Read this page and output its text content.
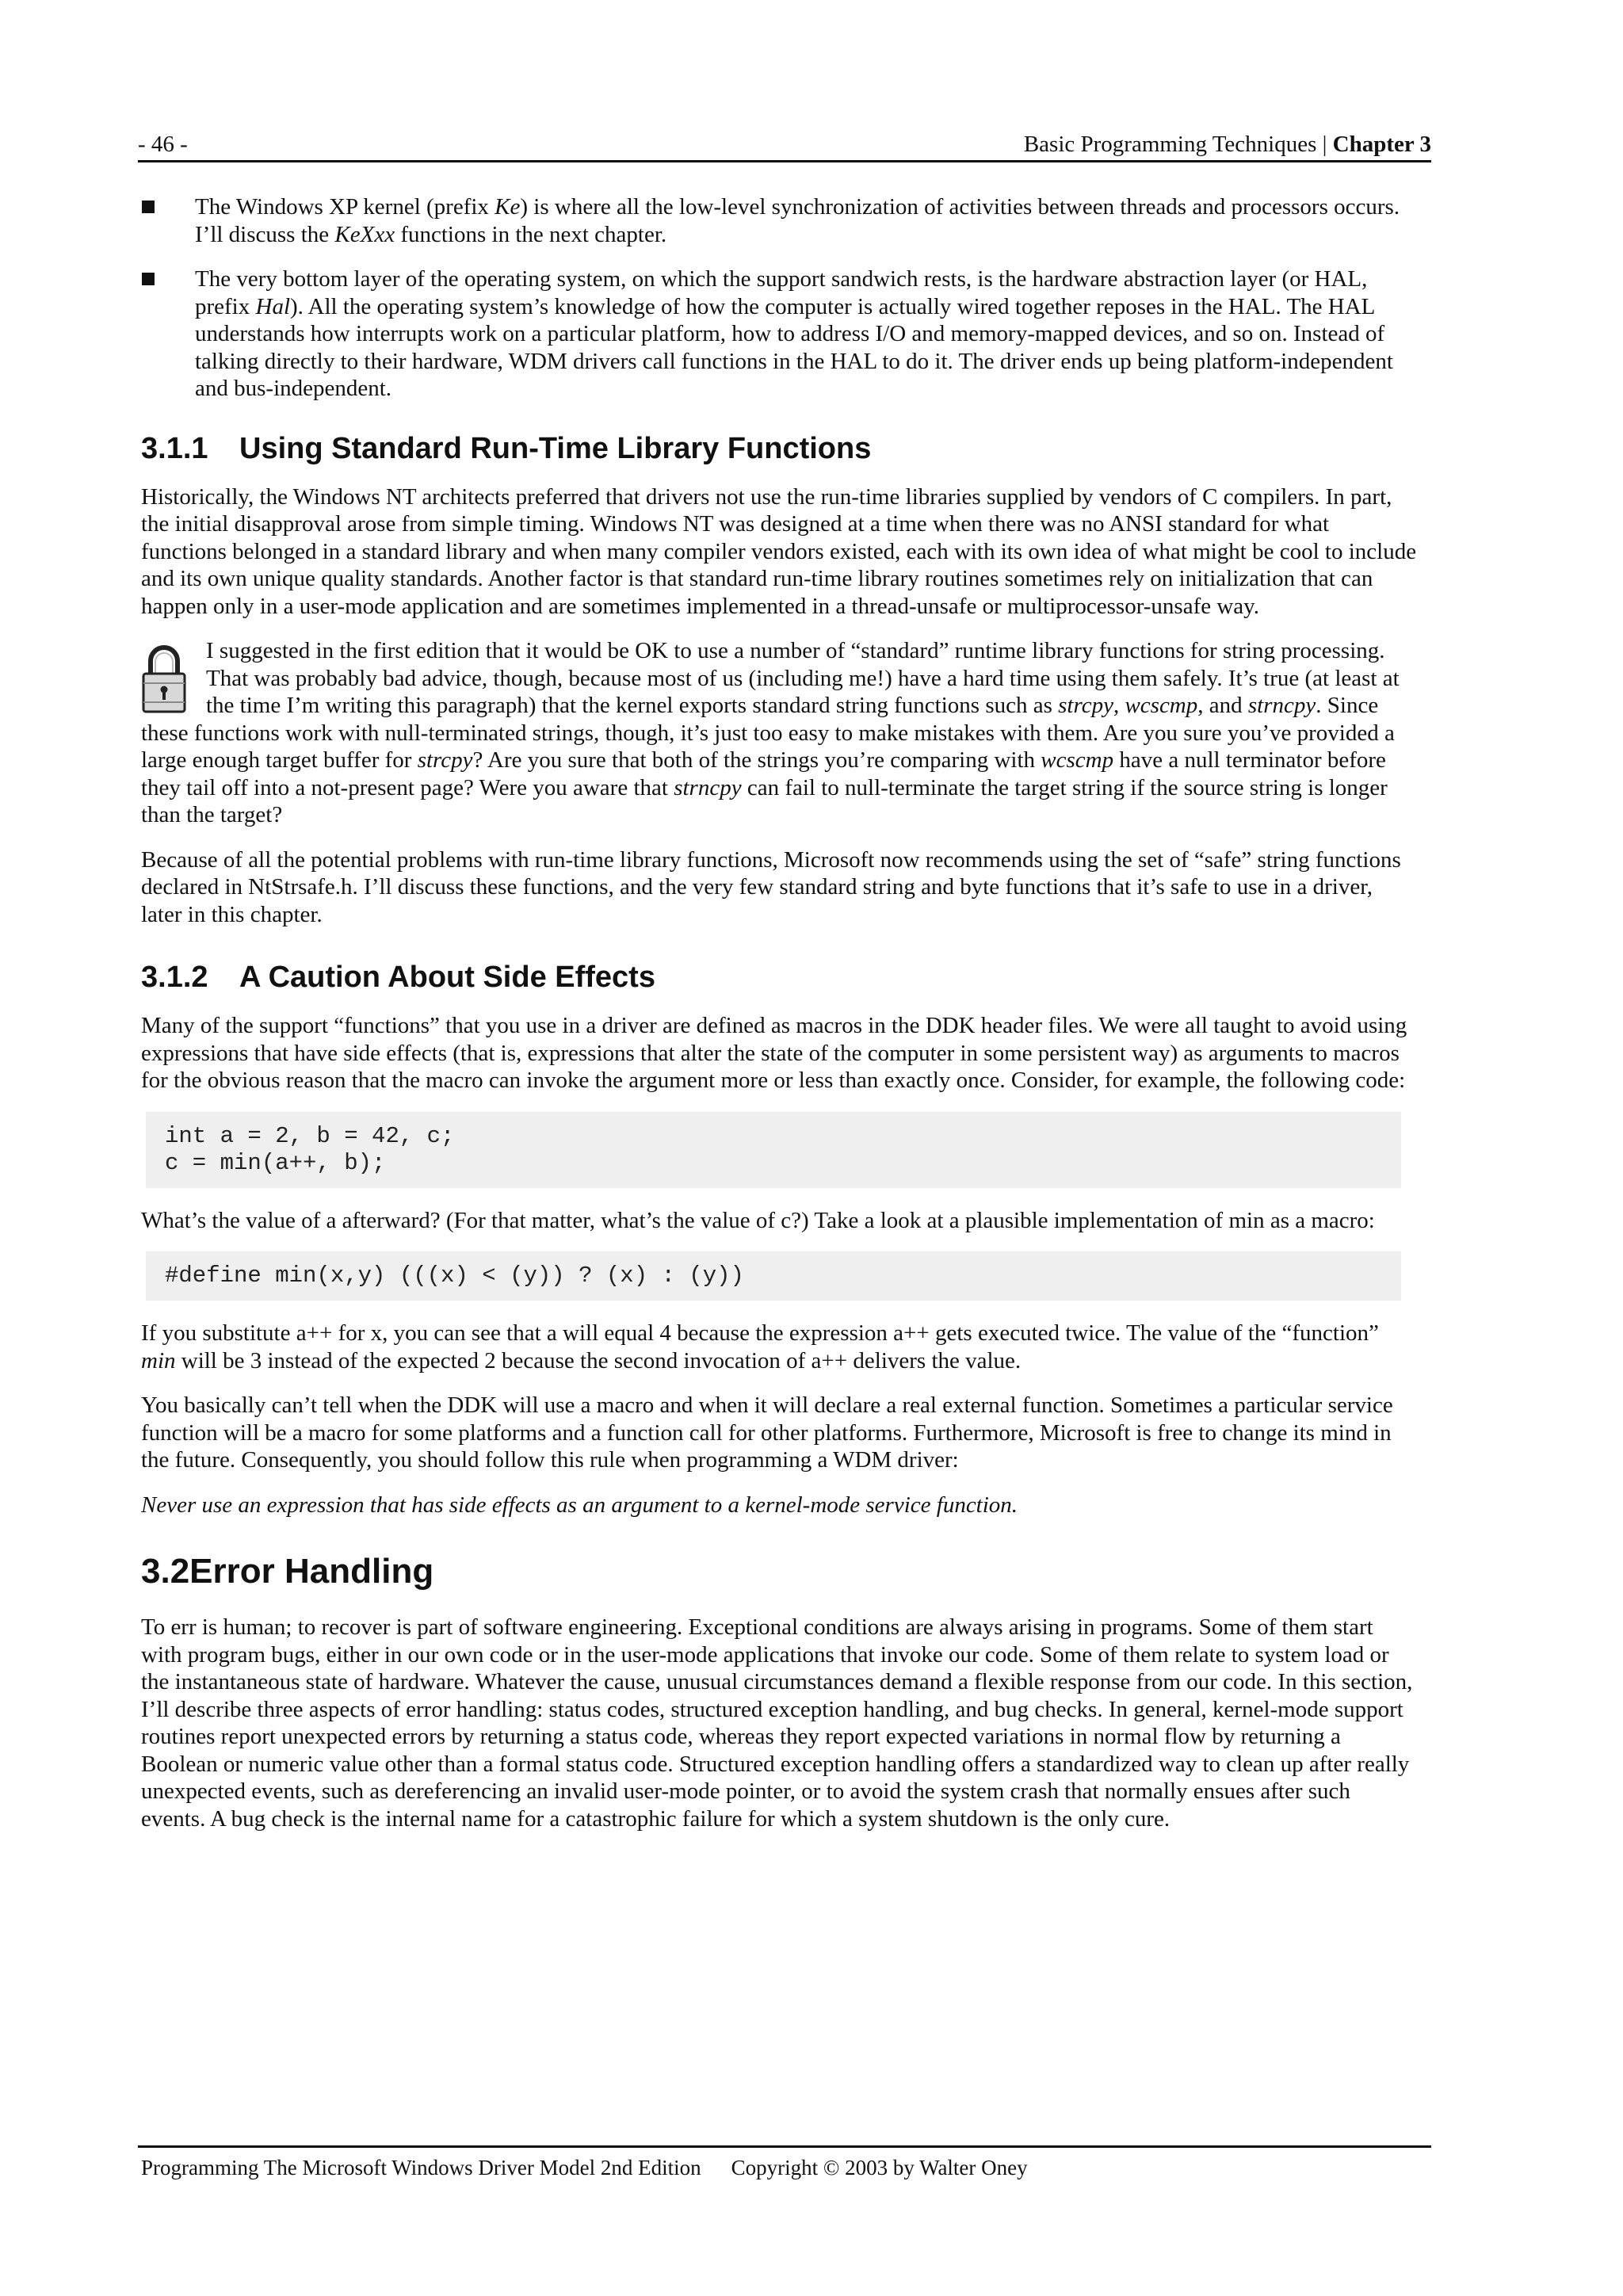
- 46 -	Basic Programming Techniques | Chapter 3
The Windows XP kernel (prefix Ke) is where all the low-level synchronization of activities between threads and processors occurs. I’ll discuss the KeXxx functions in the next chapter.
The very bottom layer of the operating system, on which the support sandwich rests, is the hardware abstraction layer (or HAL, prefix Hal). All the operating system’s knowledge of how the computer is actually wired together reposes in the HAL. The HAL understands how interrupts work on a particular platform, how to address I/O and memory-mapped devices, and so on. Instead of talking directly to their hardware, WDM drivers call functions in the HAL to do it. The driver ends up being platform-independent and bus-independent.
3.1.1 Using Standard Run-Time Library Functions

Historically, the Windows NT architects preferred that drivers not use the run-time libraries supplied by vendors of C compilers. In part, the initial disapproval arose from simple timing. Windows NT was designed at a time when there was no ANSI standard for what functions belonged in a standard library and when many compiler vendors existed, each with its own idea of what might be cool to include and its own unique quality standards. Another factor is that standard run-time library routines sometimes rely on initialization that can happen only in a user-mode application and are sometimes implemented in a thread-unsafe or multiprocessor-unsafe way.

I suggested in the first edition that it would be OK to use a number of “standard” runtime library functions for string processing. That was probably bad advice, though, because most of us (including me!) have a hard time using them safely. It’s true (at least at the time I’m writing this paragraph) that the kernel exports standard string functions such as strcpy, wcscmp, and strncpy. Since these functions work with null-terminated strings, though, it’s just too easy to make mistakes with them. Are you sure you’ve provided a large enough target buffer for strcpy? Are you sure that both of the strings you’re comparing with wcscmp have a null terminator before they tail off into a not-present page? Were you aware that strncpy can fail to null-terminate the target string if the source string is longer than the target?

Because of all the potential problems with run-time library functions, Microsoft now recommends using the set of “safe” string functions declared in NtStrsafe.h. I’ll discuss these functions, and the very few standard string and byte functions that it’s safe to use in a driver, later in this chapter.

3.1.2 A Caution About Side Effects

Many of the support “functions” that you use in a driver are defined as macros in the DDK header files. We were all taught to avoid using expressions that have side effects (that is, expressions that alter the state of the computer in some persistent way) as arguments to macros for the obvious reason that the macro can invoke the argument more or less than exactly once. Consider, for example, the following code:

int a = 2, b = 42, c;
c = min(a++, b);

What’s the value of a afterward? (For that matter, what’s the value of c?) Take a look at a plausible implementation of min as a macro:

#define min(x,y) (((x) < (y)) ? (x) : (y))

If you substitute a++ for x, you can see that a will equal 4 because the expression a++ gets executed twice. The value of the “function” min will be 3 instead of the expected 2 because the second invocation of a++ delivers the value.

You basically can’t tell when the DDK will use a macro and when it will declare a real external function. Sometimes a particular service function will be a macro for some platforms and a function call for other platforms. Furthermore, Microsoft is free to change its mind in the future. Consequently, you should follow this rule when programming a WDM driver:

Never use an expression that has side effects as an argument to a kernel-mode service function.

3.2Error Handling

To err is human; to recover is part of software engineering. Exceptional conditions are always arising in programs. Some of them start with program bugs, either in our own code or in the user-mode applications that invoke our code. Some of them relate to system load or the instantaneous state of hardware. Whatever the cause, unusual circumstances demand a flexible response from our code. In this section, I’ll describe three aspects of error handling: status codes, structured exception handling, and bug checks. In general, kernel-mode support routines report unexpected errors by returning a status code, whereas they report expected variations in normal flow by returning a Boolean or numeric value other than a formal status code. Structured exception handling offers a standardized way to clean up after really unexpected events, such as dereferencing an invalid user-mode pointer, or to avoid the system crash that normally ensues after such events. A bug check is the internal name for a catastrophic failure for which a system shutdown is the only cure.

Programming The Microsoft Windows Driver Model 2nd Edition Copyright © 2003 by Walter Oney
